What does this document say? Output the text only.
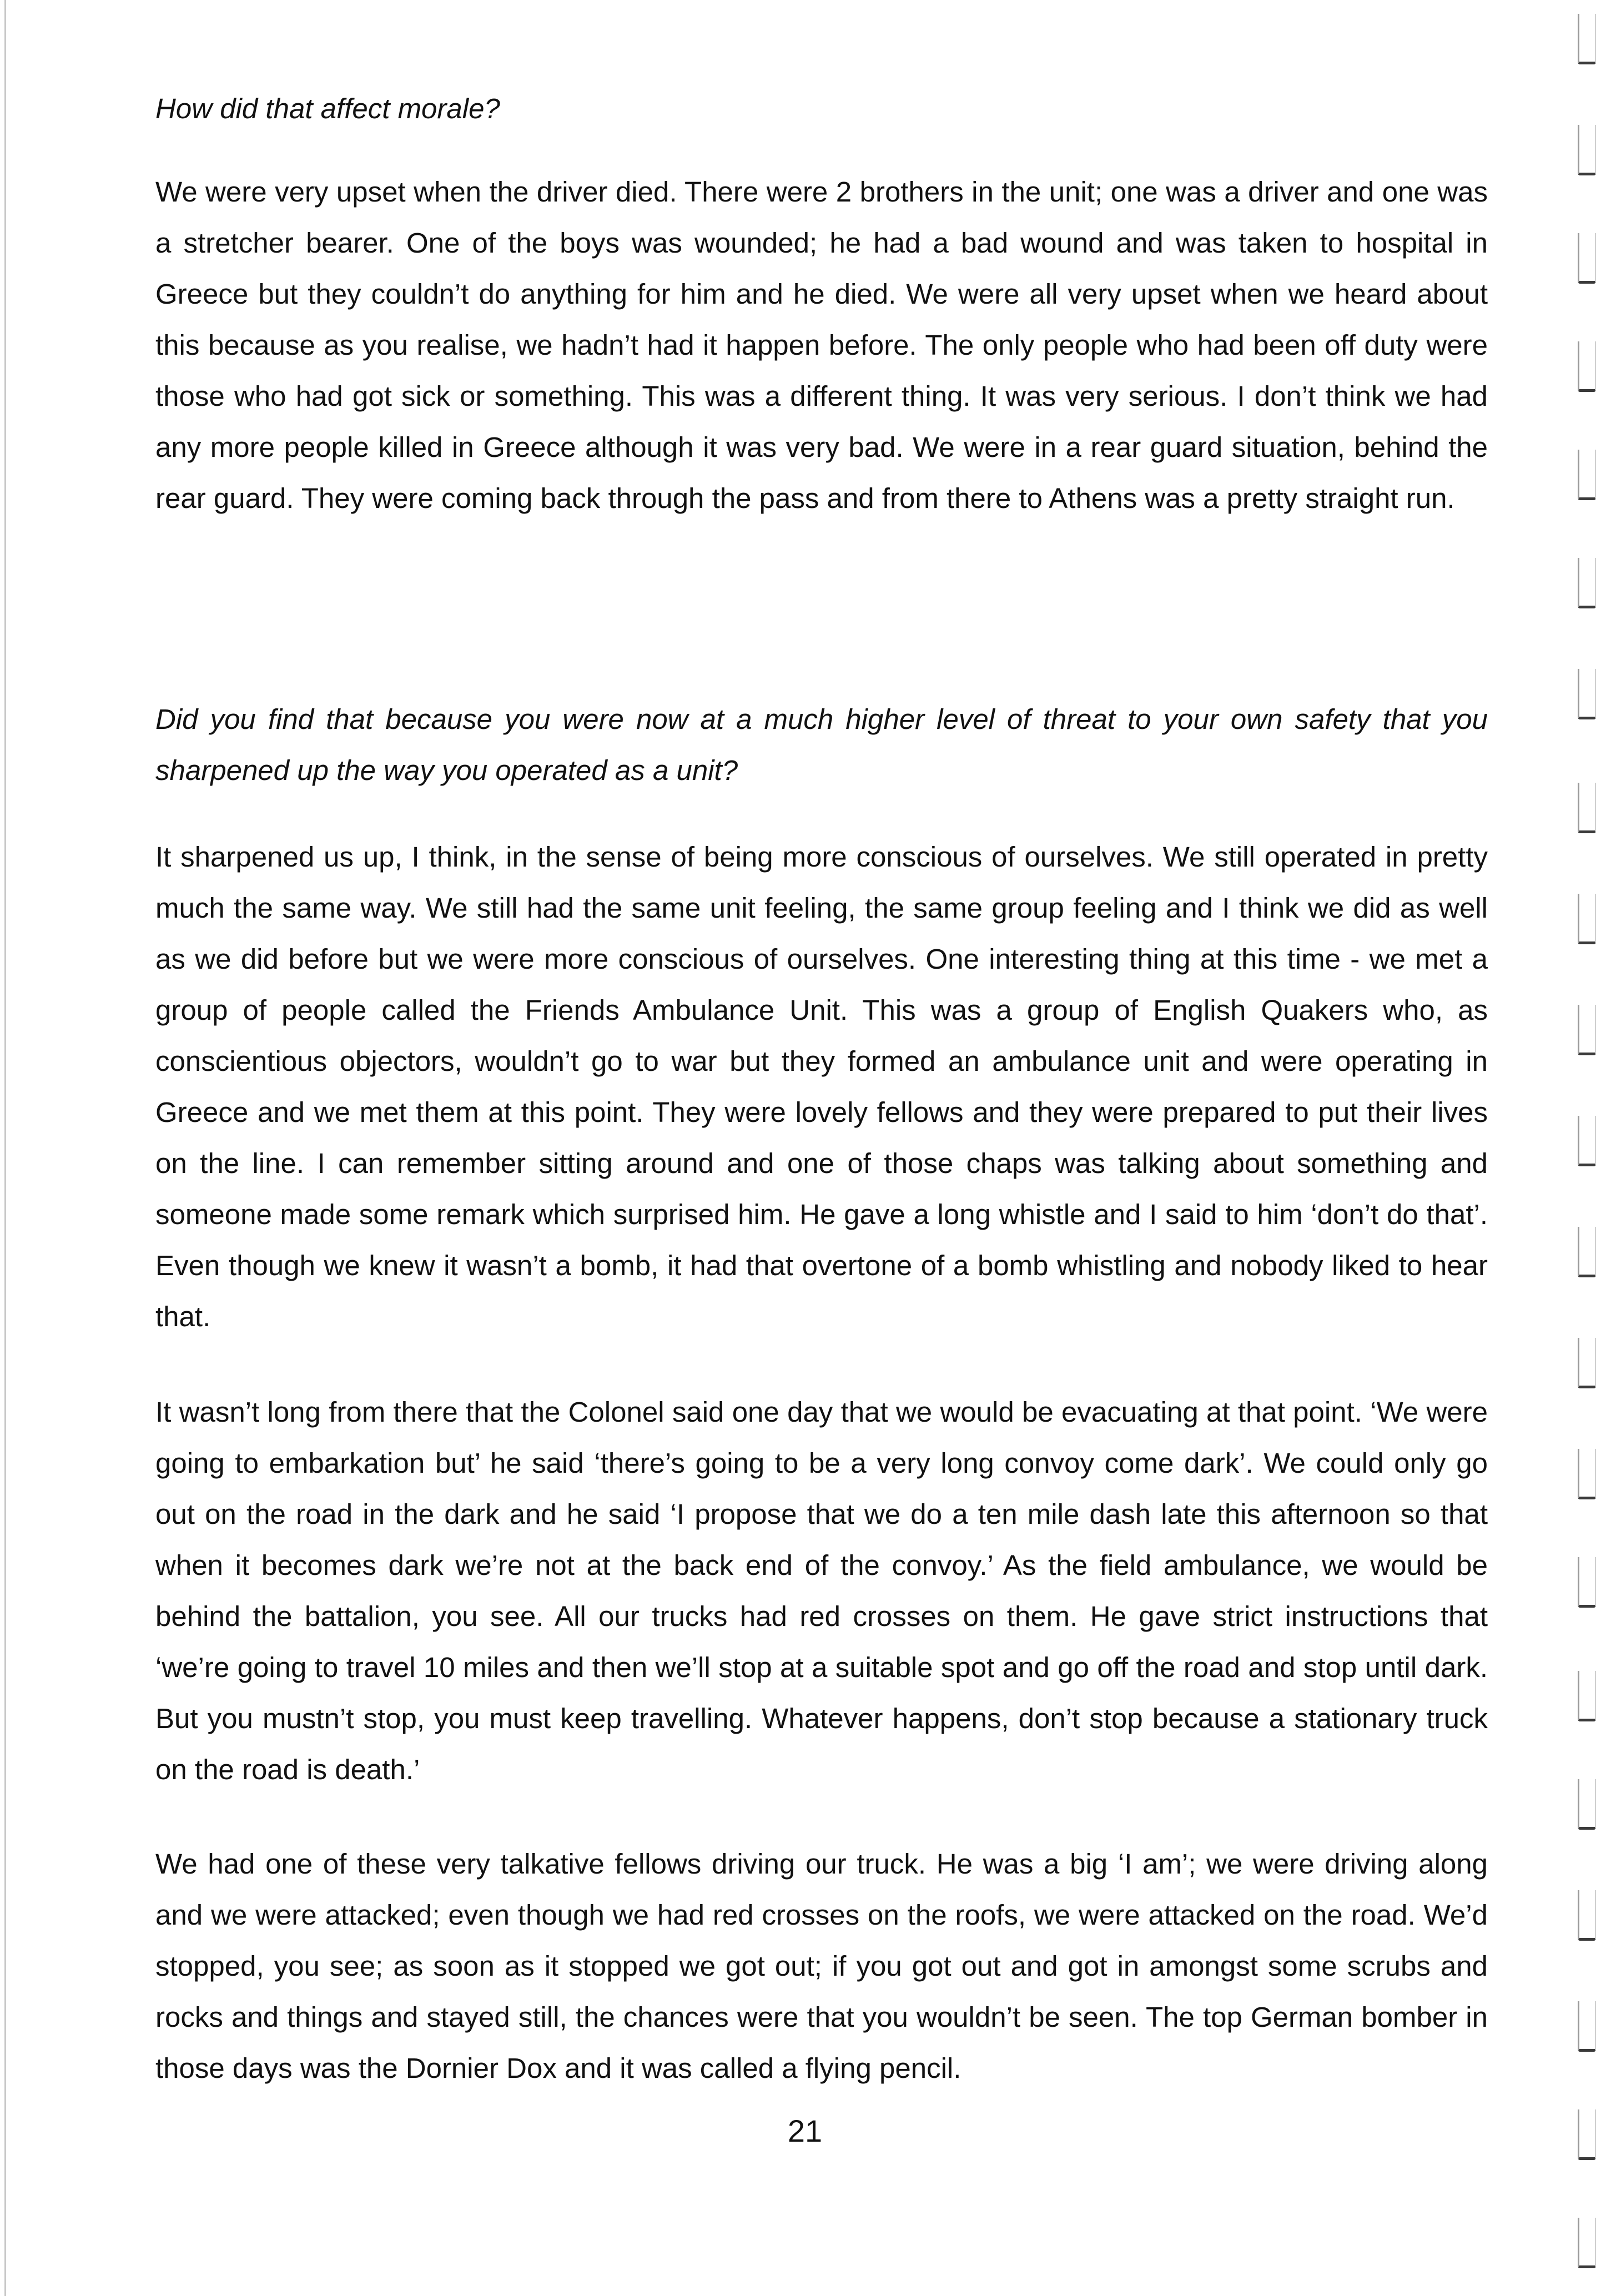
How did that affect morale?

We were very upset when the driver died. There were 2 brothers in the unit; one was a driver and one was a stretcher bearer. One of the boys was wounded; he had a bad wound and was taken to hospital in Greece but they couldn’t do anything for him and he died. We were all very upset when we heard about this because as you realise, we hadn’t had it happen before. The only people who had been off duty were those who had got sick or something. This was a different thing. It was very serious. I don’t think we had any more people killed in Greece although it was very bad. We were in a rear guard situation, behind the rear guard. They were coming back through the pass and from there to Athens was a pretty straight run.

Did you find that because you were now at a much higher level of threat to your own safety that you sharpened up the way you operated as a unit?

It sharpened us up, I think, in the sense of being more conscious of ourselves. We still operated in pretty much the same way. We still had the same unit feeling, the same group feeling and I think we did as well as we did before but we were more conscious of ourselves. One interesting thing at this time - we met a group of people called the Friends Ambulance Unit. This was a group of English Quakers who, as conscientious objectors, wouldn’t go to war but they formed an ambulance unit and were operating in Greece and we met them at this point. They were lovely fellows and they were prepared to put their lives on the line. I can remember sitting around and one of those chaps was talking about something and someone made some remark which surprised him. He gave a long whistle and I said to him ‘don’t do that’. Even though we knew it wasn’t a bomb, it had that overtone of a bomb whistling and nobody liked to hear that.

It wasn’t long from there that the Colonel said one day that we would be evacuating at that point. ‘We were going to embarkation but’ he said ‘there’s going to be a very long convoy come dark’. We could only go out on the road in the dark and he said ‘I propose that we do a ten mile dash late this afternoon so that when it becomes dark we’re not at the back end of the convoy.’ As the field ambulance, we would be behind the battalion, you see. All our trucks had red crosses on them. He gave strict instructions that ‘we’re going to travel 10 miles and then we’ll stop at a suitable spot and go off the road and stop until dark. But you mustn’t stop, you must keep travelling. Whatever happens, don’t stop because a stationary truck on the road is death.’

We had one of these very talkative fellows driving our truck. He was a big ‘I am’; we were driving along and we were attacked; even though we had red crosses on the roofs, we were attacked on the road. We’d stopped, you see; as soon as it stopped we got out; if you got out and got in amongst some scrubs and rocks and things and stayed still, the chances were that you wouldn’t be seen. The top German bomber in those days was the Dornier Dox and it was called a flying pencil.

21
